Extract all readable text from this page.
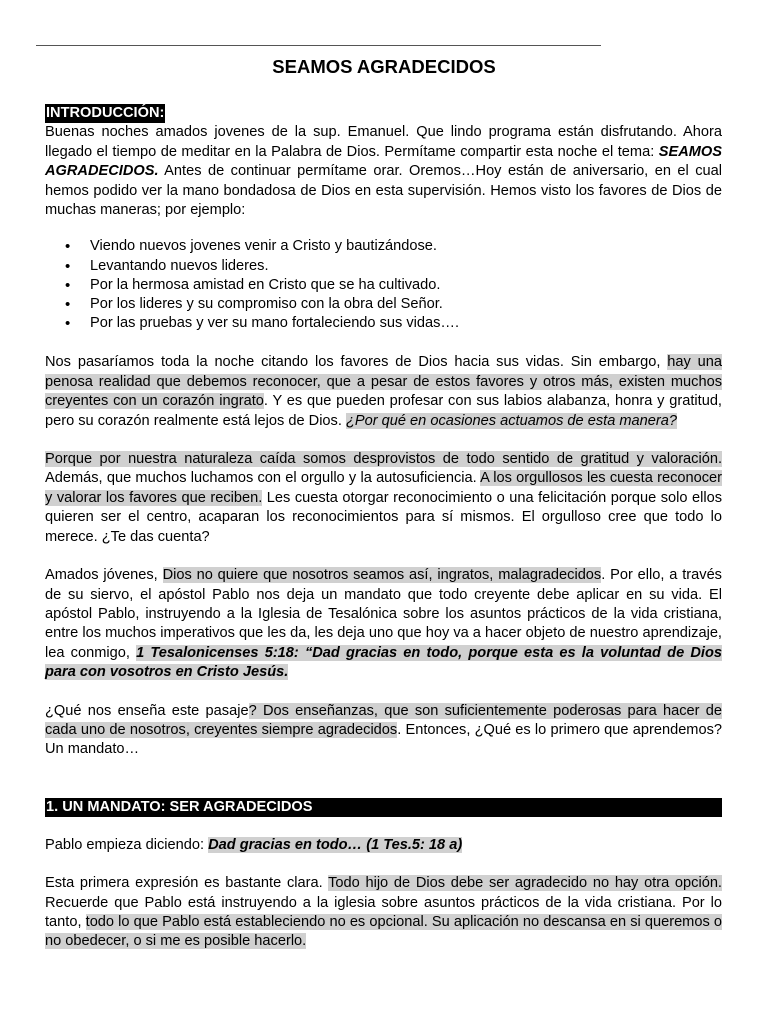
SEAMOS AGRADECIDOS

INTRODUCCIÓN:

Buenas noches amados jovenes de la sup. Emanuel. Que lindo programa están disfrutando. Ahora llegado el tiempo de meditar en la Palabra de Dios. Permítame compartir esta noche el tema: SEAMOS AGRADECIDOS. Antes de continuar permítame orar. Oremos…Hoy están de aniversario, en el cual hemos podido ver la mano bondadosa de Dios en esta supervisión. Hemos visto los favores de Dios de muchas maneras; por ejemplo:

• Viendo nuevos jovenes venir a Cristo y bautizándose.
• Levantando nuevos lideres.
• Por la hermosa amistad en Cristo que se ha cultivado.
• Por los lideres y su compromiso con la obra del Señor.
• Por las pruebas y ver su mano fortaleciendo sus vidas….

Nos pasaríamos toda la noche citando los favores de Dios hacia sus vidas. Sin embargo, hay una penosa realidad que debemos reconocer, que a pesar de estos favores y otros más, existen muchos creyentes con un corazón ingrato. Y es que pueden profesar con sus labios alabanza, honra y gratitud, pero su corazón realmente está lejos de Dios. ¿Por qué en ocasiones actuamos de esta manera?

Porque por nuestra naturaleza caída somos desprovistos de todo sentido de gratitud y valoración. Además, que muchos luchamos con el orgullo y la autosuficiencia. A los orgullosos les cuesta reconocer y valorar los favores que reciben. Les cuesta otorgar reconocimiento o una felicitación porque solo ellos quieren ser el centro, acaparan los reconocimientos para sí mismos. El orgulloso cree que todo lo merece. ¿Te das cuenta?

Amados jóvenes, Dios no quiere que nosotros seamos así, ingratos, malagradecidos. Por ello, a través de su siervo, el apóstol Pablo nos deja un mandato que todo creyente debe aplicar en su vida. El apóstol Pablo, instruyendo a la Iglesia de Tesalónica sobre los asuntos prácticos de la vida cristiana, entre los muchos imperativos que les da, les deja uno que hoy va a hacer objeto de nuestro aprendizaje, lea conmigo, 1 Tesalonicenses 5:18: “Dad gracias en todo, porque esta es la voluntad de Dios para con vosotros en Cristo Jesús.

¿Qué nos enseña este pasaje? Dos enseñanzas, que son suficientemente poderosas para hacer de cada uno de nosotros, creyentes siempre agradecidos. Entonces, ¿Qué es lo primero que aprendemos? Un mandato…

1. UN MANDATO: SER AGRADECIDOS

Pablo empieza diciendo: Dad gracias en todo… (1 Tes.5: 18 a)

Esta primera expresión es bastante clara. Todo hijo de Dios debe ser agradecido no hay otra opción. Recuerde que Pablo está instruyendo a la iglesia sobre asuntos prácticos de la vida cristiana. Por lo tanto, todo lo que Pablo está estableciendo no es opcional. Su aplicación no descansa en si queremos o no obedecer, o si me es posible hacerlo.
